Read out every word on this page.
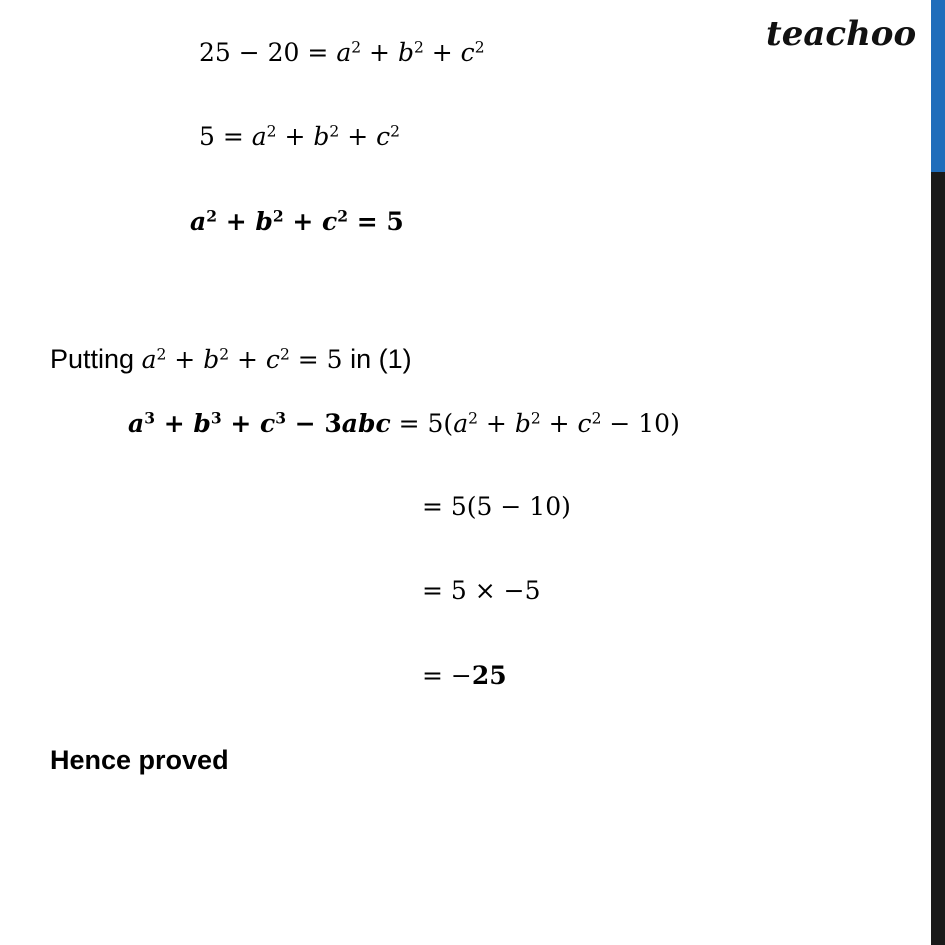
teachoo
$25 - 20 = a^2 + b^2 + c^2$
$5 = a^2 + b^2 + c^2$
$a^2 + b^2 + c^2 = 5$
Putting $a^2 + b^2 + c^2 = 5$ in (1)
$a^3 + b^3 + c^3 - 3abc = 5(a^2 + b^2 + c^2 - 10)$
= 5(5 − 10)
= 5 × −5
= −25
Hence proved
